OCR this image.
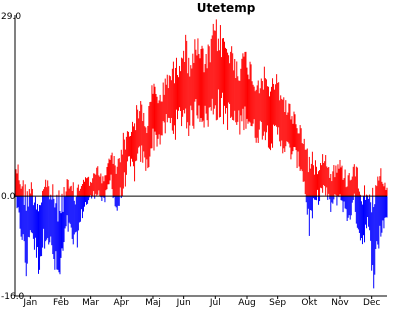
Utetemp
29.0
0.0
-16.0
Jan Feb Mar Apr Maj Jun Jul Aug Sep Okt Nov Dec
